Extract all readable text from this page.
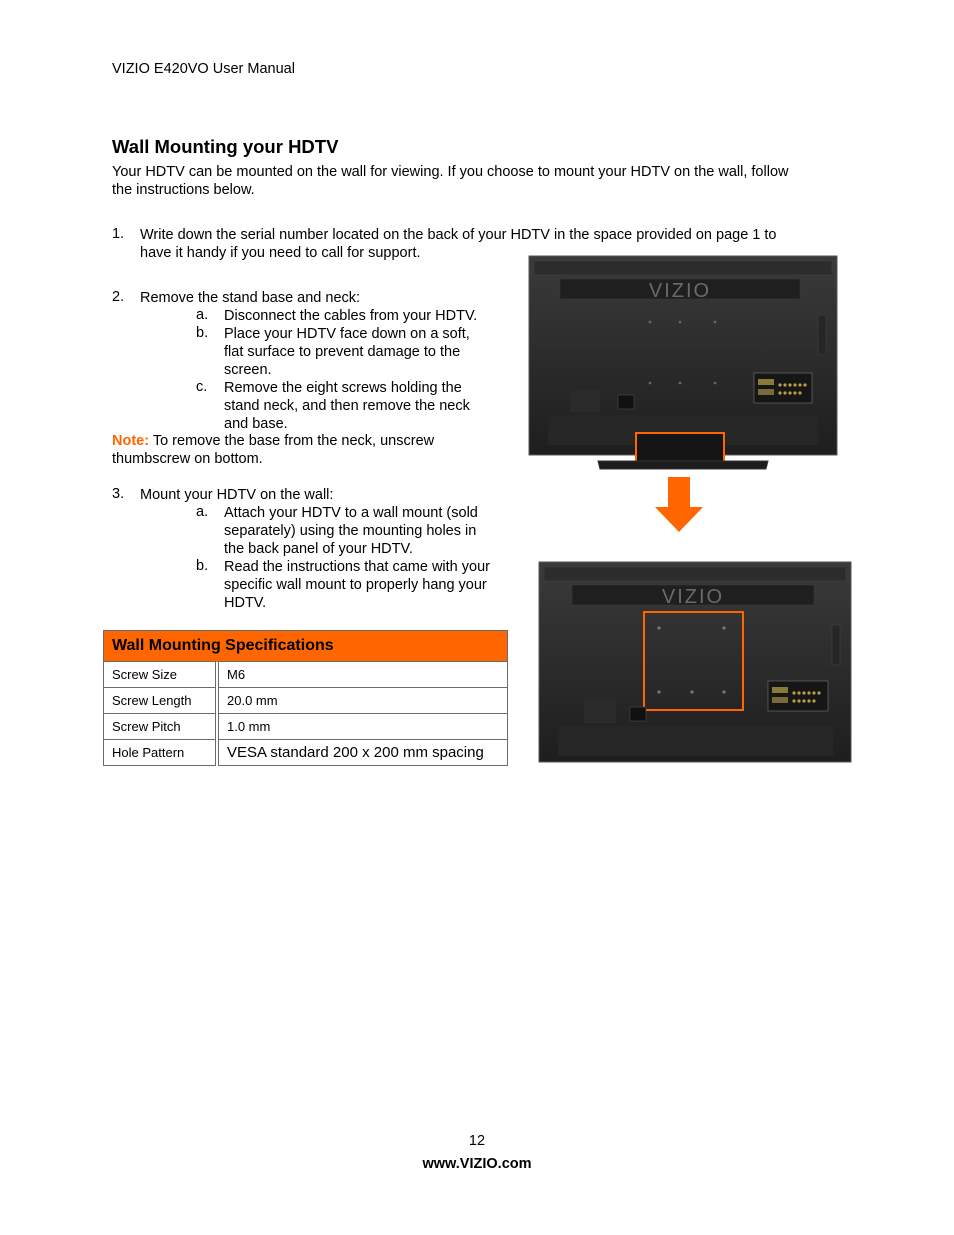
VIZIO E420VO User Manual
Wall Mounting your HDTV
Your HDTV can be mounted on the wall for viewing. If you choose to mount your HDTV on the wall, follow
the instructions below.
1. Write down the serial number located on the back of your HDTV in the space provided on page 1 to
have it handy if you need to call for support.
2. Remove the stand base and neck:
a. Disconnect the cables from your HDTV.
b. Place your HDTV face down on a soft,
flat surface to prevent damage to the
screen.
c. Remove the eight screws holding the
stand neck, and then remove the neck
and base.
Note: To remove the base from the neck, unscrew
thumbscrew on bottom.
3. Mount your HDTV on the wall:
a. Attach your HDTV to a wall mount (sold
separately) using the mounting holes in
the back panel of your HDTV.
b. Read the instructions that came with your
specific wall mount to properly hang your
HDTV.
Wall Mounting Specifications	
Screw Size	M6
Screw Length	20.0 mm
Screw Pitch	1.0 mm
Hole Pattern	VESA standard 200 x 200 mm spacing
VIZIO
VIZIO
12
www.VIZIO.com
